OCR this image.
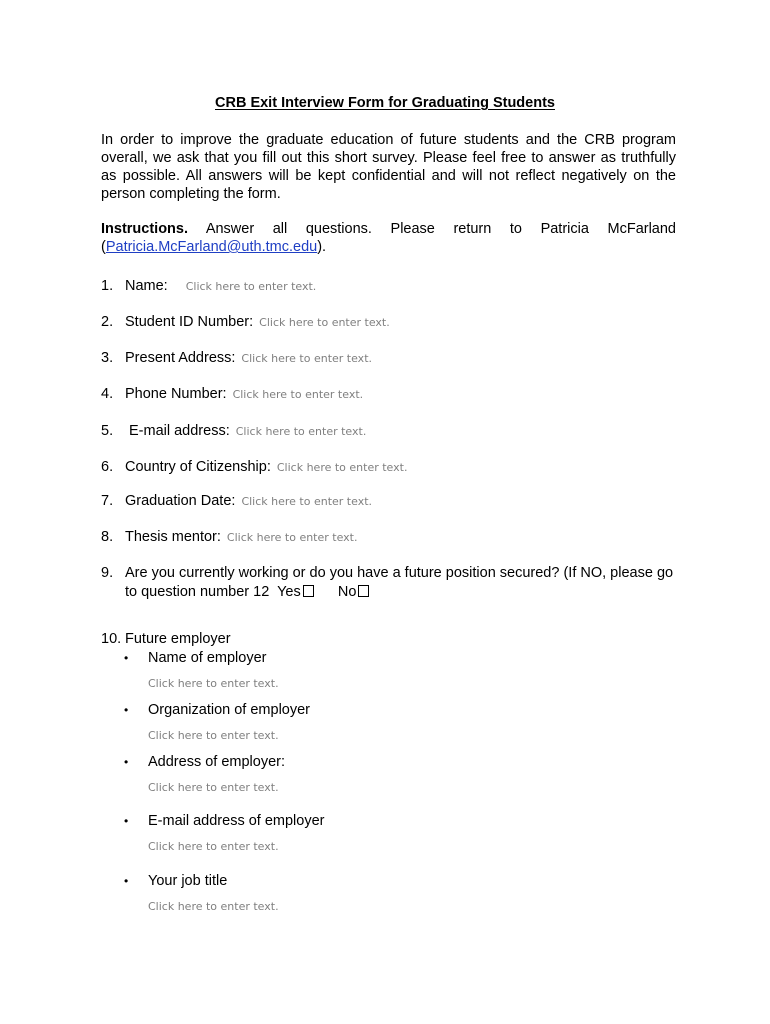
CRB Exit Interview Form for Graduating Students
In order to improve the graduate education of future students and the CRB program overall, we ask that you fill out this short survey. Please feel free to answer as truthfully as possible. All answers will be kept confidential and will not reflect negatively on the person completing the form.
Instructions. Answer all questions. Please return to Patricia McFarland
(Patricia.McFarland@uth.tmc.edu).
1. Name: Click here to enter text.
2. Student ID Number: Click here to enter text.
3. Present Address: Click here to enter text.
4. Phone Number: Click here to enter text.
5. E-mail address: Click here to enter text.
6. Country of Citizenship: Click here to enter text.
7. Graduation Date: Click here to enter text.
8. Thesis mentor: Click here to enter text.
9. Are you currently working or do you have a future position secured? (If NO, please go to question number 12 Yes	No
10. Future employer
• Name of employer
Click here to enter text.
• Organization of employer
Click here to enter text.
• Address of employer:
Click here to enter text.
• E-mail address of employer
Click here to enter text.
• Your job title
Click here to enter text.
